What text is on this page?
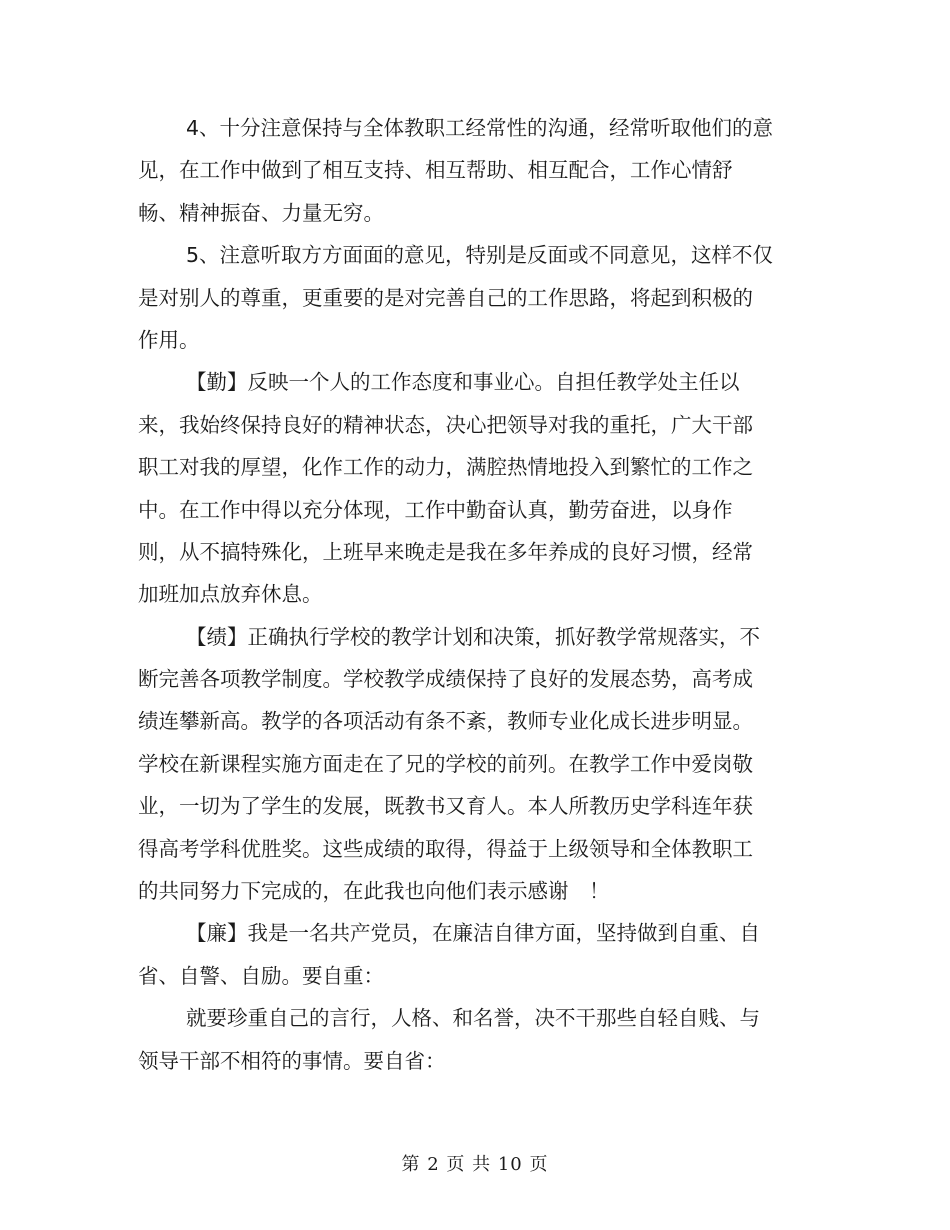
4、十分注意保持与全体教职工经常性的沟通，经常听取他们的意
见，在工作中做到了相互支持、相互帮助、相互配合，工作心情舒
畅、精神振奋、力量无穷。

5、注意听取方方面面的意见，特别是反面或不同意见，这样不仅
是对别人的尊重，更重要的是对完善自己的工作思路，将起到积极的
作用。

【勤】反映一个人的工作态度和事业心。自担任教学处主任以
来，我始终保持良好的精神状态，决心把领导对我的重托，广大干部
职工对我的厚望，化作工作的动力，满腔热情地投入到繁忙的工作之
中。在工作中得以充分体现，工作中勤奋认真，勤劳奋进，以身作
则，从不搞特殊化，上班早来晚走是我在多年养成的良好习惯，经常
加班加点放弃休息。

【绩】正确执行学校的教学计划和决策，抓好教学常规落实，不
断完善各项教学制度。学校教学成绩保持了良好的发展态势，高考成
绩连攀新高。教学的各项活动有条不紊，教师专业化成长进步明显。
学校在新课程实施方面走在了兄的学校的前列。在教学工作中爱岗敬
业，一切为了学生的发展，既教书又育人。本人所教历史学科连年获
得高考学科优胜奖。这些成绩的取得，得益于上级领导和全体教职工
的共同努力下完成的，在此我也向他们表示感谢　！

【廉】我是一名共产党员，在廉洁自律方面，坚持做到自重、自
省、自警、自励。要自重：

就要珍重自己的言行，人格、和名誉，决不干那些自轻自贱、与
领导干部不相符的事情。要自省：

第 2 页 共 10 页
